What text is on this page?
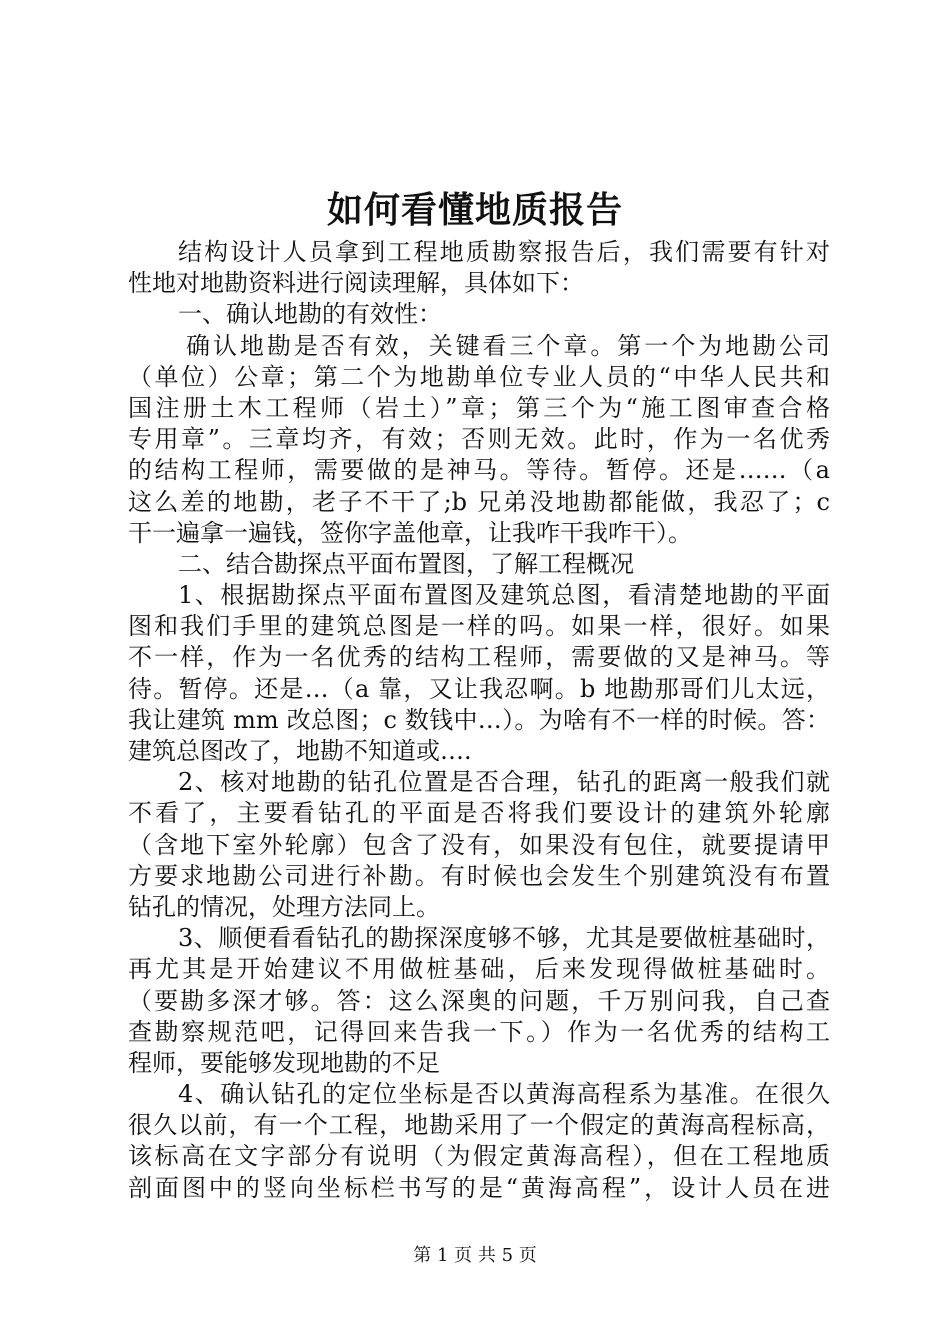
如何看懂地质报告
结构设计人员拿到工程地质勘察报告后，我们需要有针对
性地对地勘资料进行阅读理解，具体如下：
一、确认地勘的有效性：
确认地勘是否有效，关键看三个章。第一个为地勘公司
（单位）公章；第二个为地勘单位专业人员的“中华人民共和
国注册土木工程师（岩土）”章；第三个为“施工图审查合格
专用章”。三章均齐，有效；否则无效。此时，作为一名优秀
的结构工程师，需要做的是神马。等待。暂停。还是……（a
这么差的地勘，老子不干了;b 兄弟没地勘都能做，我忍了；c
干一遍拿一遍钱，签你字盖他章，让我咋干我咋干）。
二、结合勘探点平面布置图，了解工程概况
1、根据勘探点平面布置图及建筑总图，看清楚地勘的平面
图和我们手里的建筑总图是一样的吗。如果一样，很好。如果
不一样，作为一名优秀的结构工程师，需要做的又是神马。等
待。暂停。还是…（a 靠，又让我忍啊。b 地勘那哥们儿太远，
我让建筑 mm 改总图；c 数钱中…）。为啥有不一样的时候。答：
建筑总图改了，地勘不知道或….
2、核对地勘的钻孔位置是否合理，钻孔的距离一般我们就
不看了，主要看钻孔的平面是否将我们要设计的建筑外轮廓
（含地下室外轮廓）包含了没有，如果没有包住，就要提请甲
方要求地勘公司进行补勘。有时候也会发生个别建筑没有布置
钻孔的情况，处理方法同上。
3、顺便看看钻孔的勘探深度够不够，尤其是要做桩基础时，
再尤其是开始建议不用做桩基础，后来发现得做桩基础时。
（要勘多深才够。答：这么深奥的问题，千万别问我，自己查
查勘察规范吧，记得回来告我一下。）作为一名优秀的结构工
程师，要能够发现地勘的不足
4、确认钻孔的定位坐标是否以黄海高程系为基准。在很久
很久以前，有一个工程，地勘采用了一个假定的黄海高程标高，
该标高在文字部分有说明（为假定黄海高程），但在工程地质
剖面图中的竖向坐标栏书写的是“黄海高程”，设计人员在进
第 1 页 共 5 页
